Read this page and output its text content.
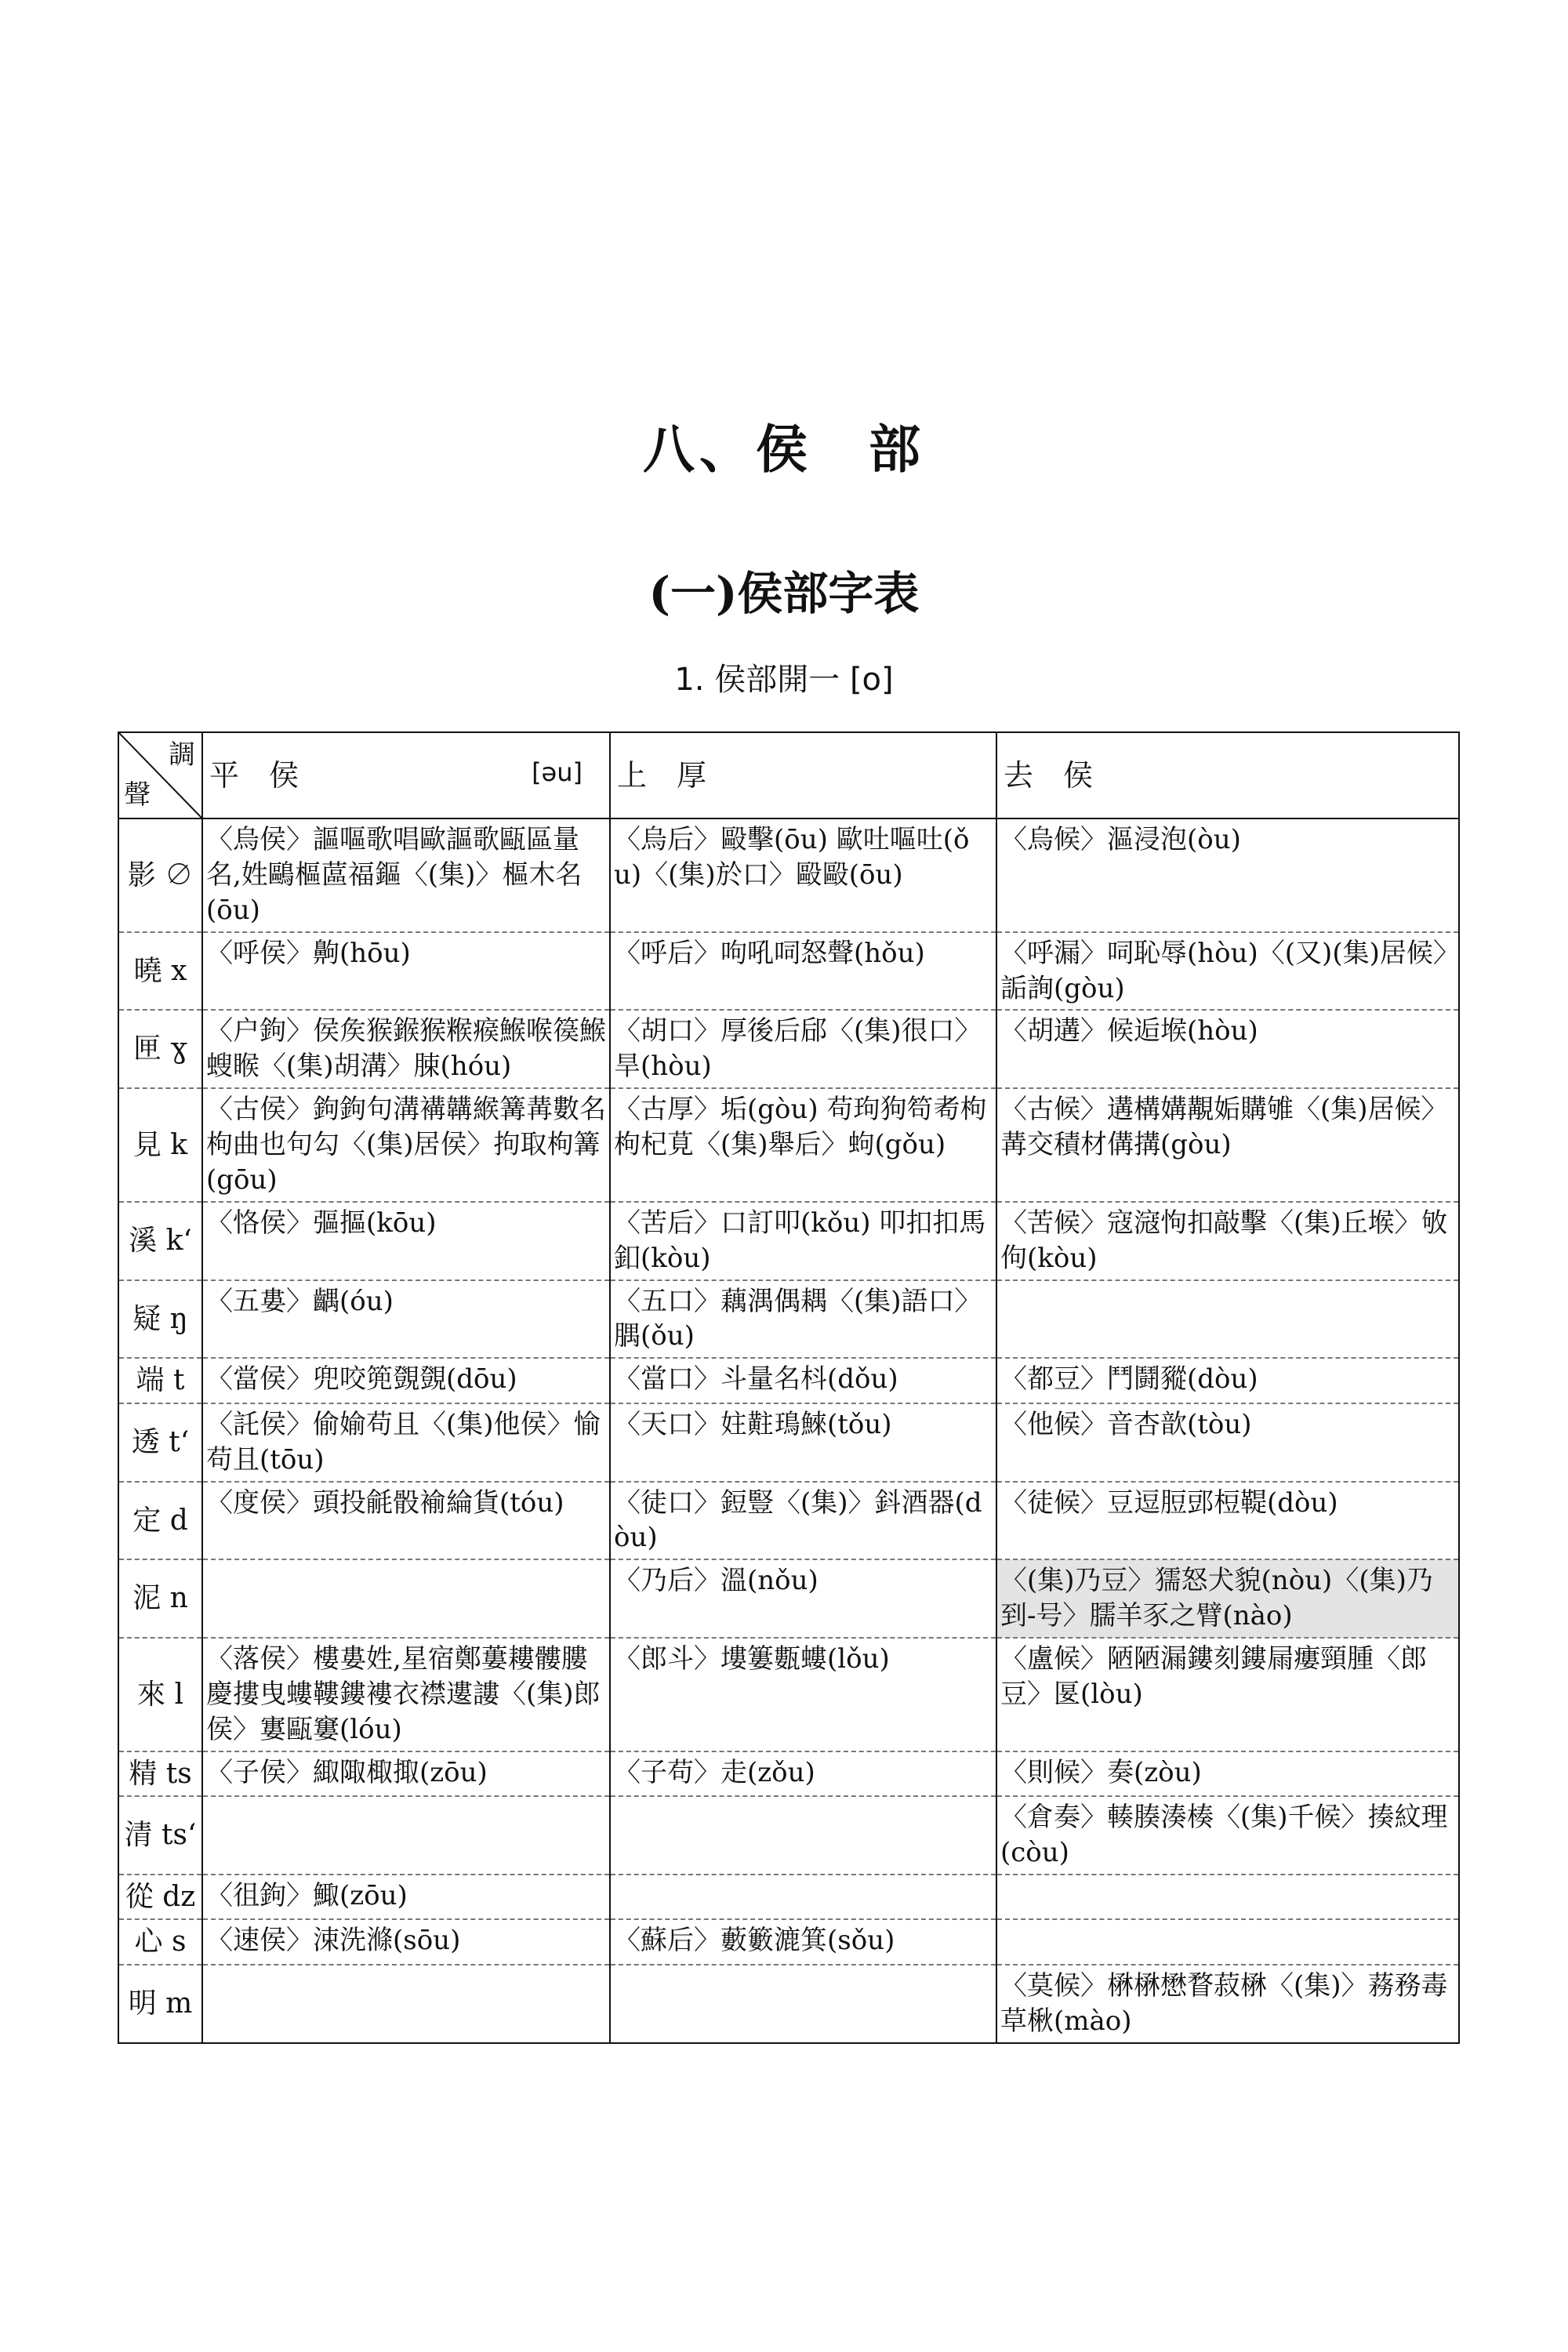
八、侯　部
(一)侯部字表
1. 侯部開一 [o]
調
聲	平　侯 [əu]	上　厚	去　侯
影 ∅	〈烏侯〉謳嘔歌唱歐謳歌甌區量名,姓鷗樞蓲福鏂〈(集)〉樞木名(ōu)	〈烏后〉毆擊(ōu) 歐吐嘔吐(ǒu)〈(集)於口〉毆毆(ōu)	〈烏候〉漚浸泡(òu)
曉 x	〈呼侯〉齁(hōu)	〈呼后〉呴吼呞怒聲(hǒu)	〈呼漏〉呞恥辱(hòu)〈(又)(集)居候〉詬詢(gòu)
匣 ɣ	〈户鉤〉侯矦猴鍭猴糇瘊鯸喉篌鯸螋睺〈(集)胡溝〉脨(hóu)	〈胡口〉厚後后郈〈(集)很口〉旱(hòu)	〈胡遘〉候逅堠(hòu)
見 k	〈古侯〉鉤鉤句溝褠韝緱篝冓數名枸曲也句勾〈(集)居侯〉拘取枸篝(gōu)	〈古厚〉垢(gòu) 苟玽狗笱耇枸枸杞莧〈(集)舉后〉蚼(gǒu)	〈古候〉遘構媾覯姤購雊〈(集)居候〉冓交積材傋搆(gòu)
溪 kʻ	〈恪侯〉彄摳(kōu)	〈苦后〉口訂叩(kǒu) 叩扣扣馬釦(kòu)	〈苦候〉寇滱怐扣敲擊〈(集)丘堠〉敂佝(kòu)
疑 ŋ	〈五婁〉齵(óu)	〈五口〉藕湡偶耦〈(集)語口〉腢(ǒu)	
端 t	〈當侯〉兜咬篼覴覴(dōu)	〈當口〉斗量名枓(dǒu)	〈都豆〉鬥鬪豵(dòu)
透 tʻ	〈託侯〉偷媮苟且〈(集)他侯〉愉苟且(tōu)	〈天口〉妵黈鳿鯠(tǒu)	〈他候〉音杏歆(tòu)
定 d	〈度侯〉頭投毹骰褕綸貨(tóu)	〈徒口〉鋀豎〈(集)〉鈄酒器(dòu)	〈徒候〉豆逗脰郖梪鞮(dòu)
泥 n		〈乃后〉溫(nǒu)	〈(集)乃豆〉獳怒犬貌(nòu)〈(集)乃到-号〉臑羊豕之臂(nào)
來 l	〈落侯〉樓婁姓,星宿鄭蔞耬髏膢慶摟曳螻鞻鏤褸衣襟遱謱〈(集)郎侯〉寠甌窶(lóu)	〈郎斗〉塿簍甊螻(lǒu)	〈盧候〉陋陋漏鏤刻鏤屚瘻頸腫〈郎豆〉匽(lòu)
精 ts	〈子侯〉緅陬棷掫(zōu)	〈子苟〉走(zǒu)	〈則候〉奏(zòu)
清 tsʻ			〈倉奏〉輳腠湊楱〈(集)千候〉揍紋理(còu)
從 dz	〈徂鉤〉鯫(zōu)		
心 s	〈速侯〉涑洗滌(sōu)	〈蘇后〉藪籔漉箕(sǒu)	
明 m			〈莫候〉楙楙懋瞀菽楙〈(集)〉蓩務毒草楸(mào)
